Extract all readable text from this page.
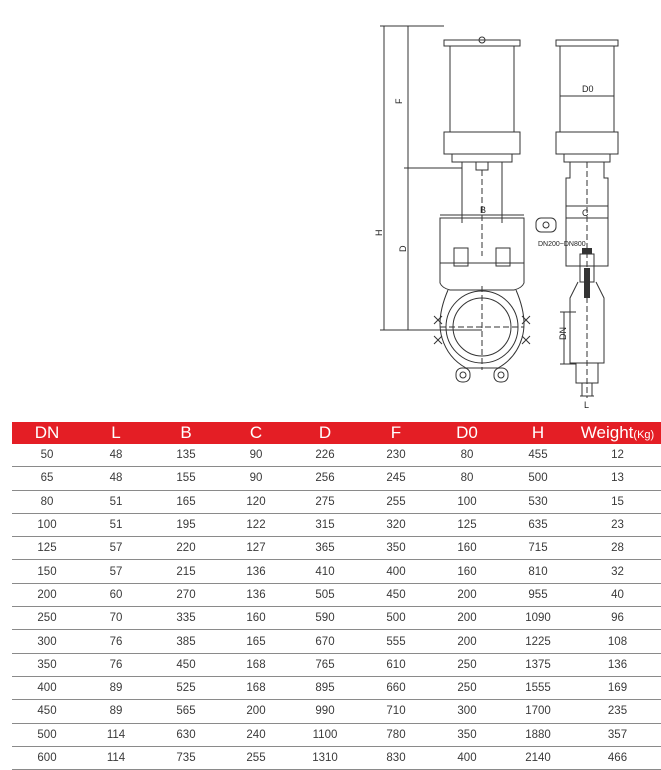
F
H
D
B	C
D0
DN
L
DN200~DN800
DN	L	B	C	D	F	D0	H	Weight(Kg)
50	48	135	90	226	230	80	455	12
65	48	155	90	256	245	80	500	13
80	51	165	120	275	255	100	530	15
100	51	195	122	315	320	125	635	23
125	57	220	127	365	350	160	715	28
150	57	215	136	410	400	160	810	32
200	60	270	136	505	450	200	955	40
250	70	335	160	590	500	200	1090	96
300	76	385	165	670	555	200	1225	108
350	76	450	168	765	610	250	1375	136
400	89	525	168	895	660	250	1555	169
450	89	565	200	990	710	300	1700	235
500	114	630	240	1100	780	350	1880	357
600	114	735	255	1310	830	400	2140	466
